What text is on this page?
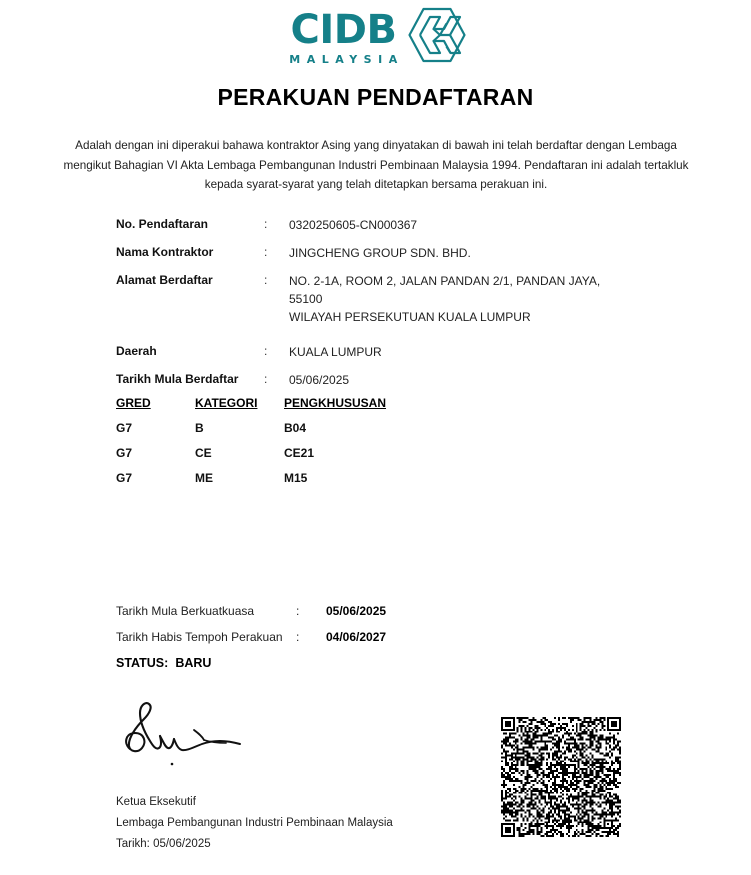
CIDB
MALAYSIA
PERAKUAN PENDAFTARAN
Adalah dengan ini diperakui bahawa kontraktor Asing yang dinyatakan di bawah ini telah berdaftar dengan Lembaga mengikut Bahagian VI Akta Lembaga Pembangunan Industri Pembinaan Malaysia 1994. Pendaftaran ini adalah tertakluk kepada syarat-syarat yang telah ditetapkan bersama perakuan ini.
No. Pendaftaran	:	0320250605-CN000367
Nama Kontraktor	:	JINGCHENG GROUP SDN. BHD.
Alamat Berdaftar	:	NO. 2-1A, ROOM 2, JALAN PANDAN 2/1, PANDAN JAYA,
55100
WILAYAH PERSEKUTUAN KUALA LUMPUR
Daerah	:	KUALA LUMPUR
Tarikh Mula Berdaftar	:	05/06/2025
GRED	KATEGORI	PENGKHUSUSAN
G7	B	B04
G7	CE	CE21
G7	ME	M15
Tarikh Mula Berkuatkuasa	:	05/06/2025
Tarikh Habis Tempoh Perakuan	:	04/06/2027
STATUS: BARU
Ketua Eksekutif
Lembaga Pembangunan Industri Pembinaan Malaysia
Tarikh: 05/06/2025
